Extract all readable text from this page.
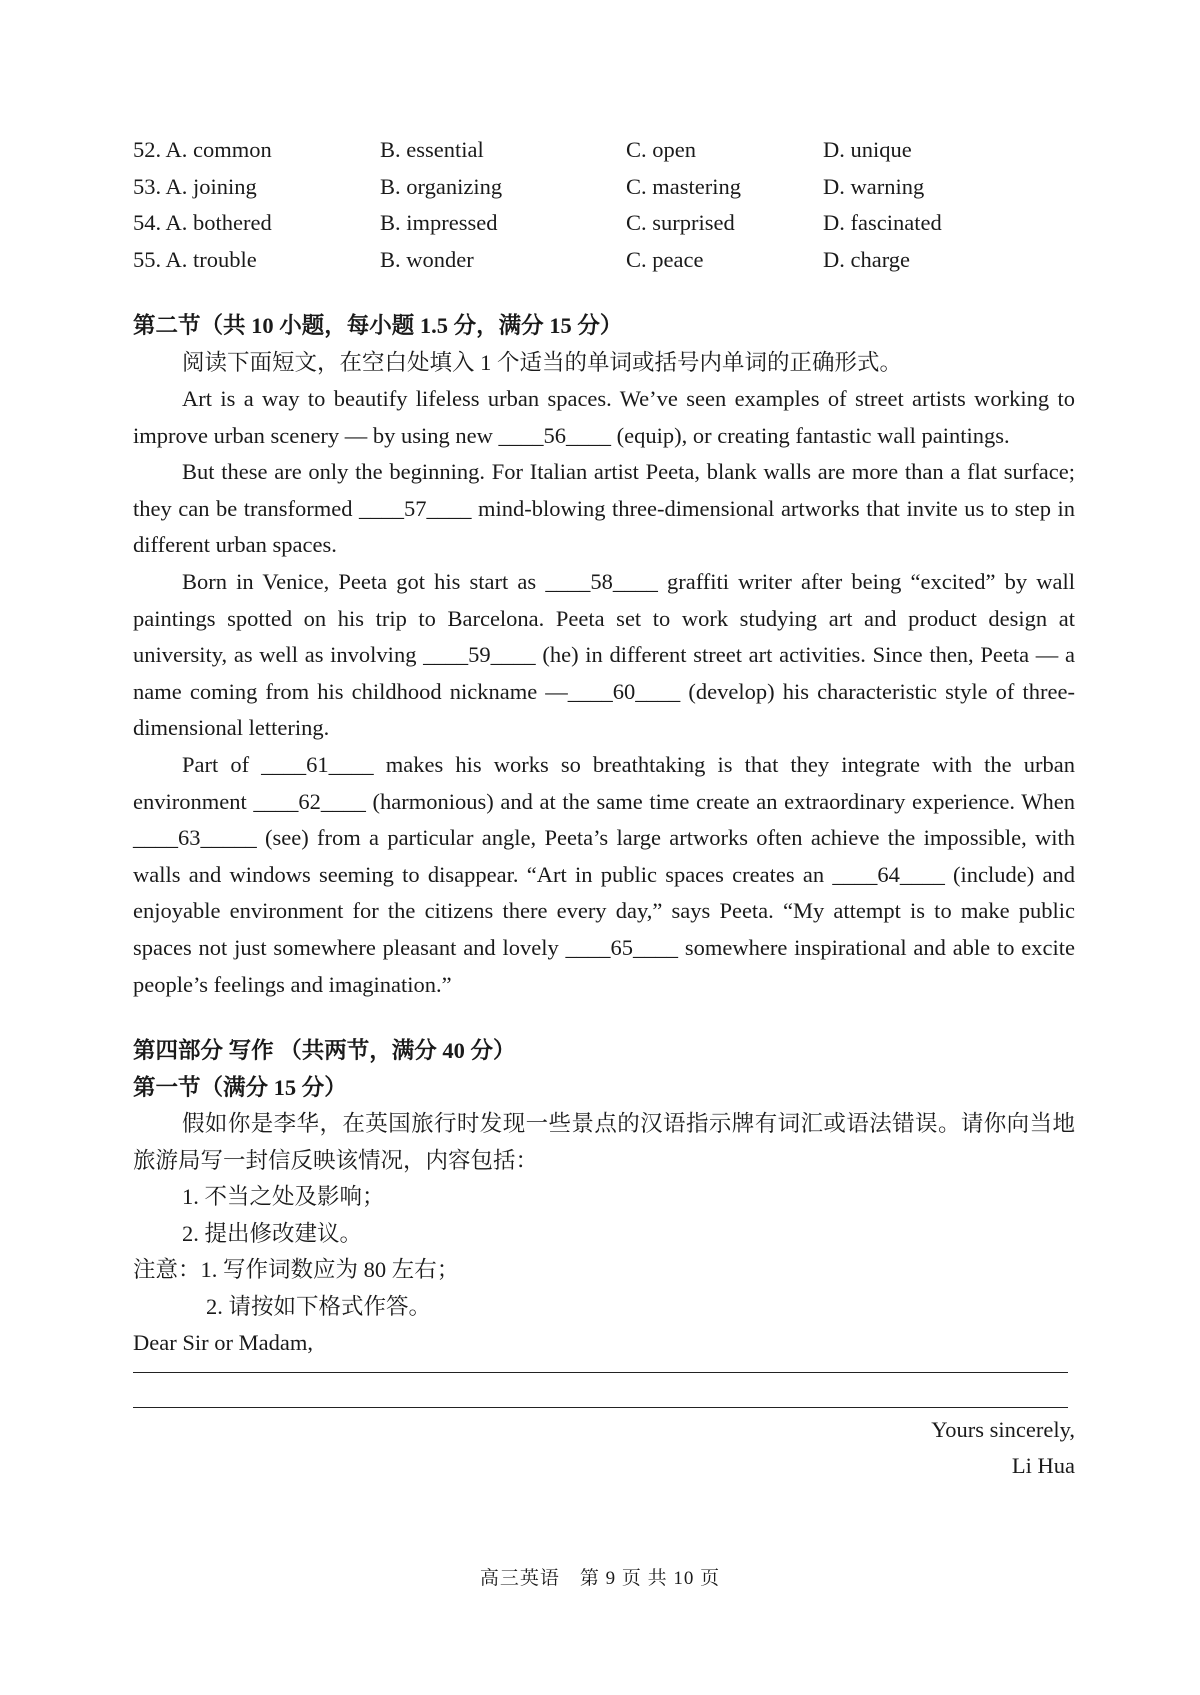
52. A. common	B. essential	C. open	D. unique
53. A. joining	B. organizing	C. mastering	D. warning
54. A. bothered	B. impressed	C. surprised	D. fascinated
55. A. trouble	B. wonder	C. peace	D. charge
第二节（共 10 小题，每小题 1.5 分，满分 15 分）

阅读下面短文，在空白处填入 1 个适当的单词或括号内单词的正确形式。

Art is a way to beautify lifeless urban spaces. We’ve seen examples of street artists working to improve urban scenery — by using new ____56____ (equip), or creating fantastic wall paintings.

But these are only the beginning. For Italian artist Peeta, blank walls are more than a flat surface; they can be transformed ____57____ mind-blowing three-dimensional artworks that invite us to step in different urban spaces.

Born in Venice, Peeta got his start as ____58____ graffiti writer after being “excited” by wall paintings spotted on his trip to Barcelona. Peeta set to work studying art and product design at university, as well as involving ____59____ (he) in different street art activities. Since then, Peeta — a name coming from his childhood nickname —____60____ (develop) his characteristic style of three-dimensional lettering.

Part of ____61____ makes his works so breathtaking is that they integrate with the urban environment ____62____ (harmonious) and at the same time create an extraordinary experience. When ____63_____ (see) from a particular angle, Peeta’s large artworks often achieve the impossible, with walls and windows seeming to disappear. “Art in public spaces creates an ____64____ (include) and enjoyable environment for the citizens there every day,” says Peeta. “My attempt is to make public spaces not just somewhere pleasant and lovely ____65____ somewhere inspirational and able to excite people’s feelings and imagination.”

第四部分 写作 （共两节，满分 40 分）
第一节（满分 15 分）

假如你是李华，在英国旅行时发现一些景点的汉语指示牌有词汇或语法错误。请你向当地旅游局写一封信反映该情况，内容包括：

1. 不当之处及影响；

2. 提出修改建议。

注意：1. 写作词数应为 80 左右；

2. 请按如下格式作答。

Dear Sir or Madam,

Yours sincerely,

Li Hua

高三英语　第 9 页 共 10 页
